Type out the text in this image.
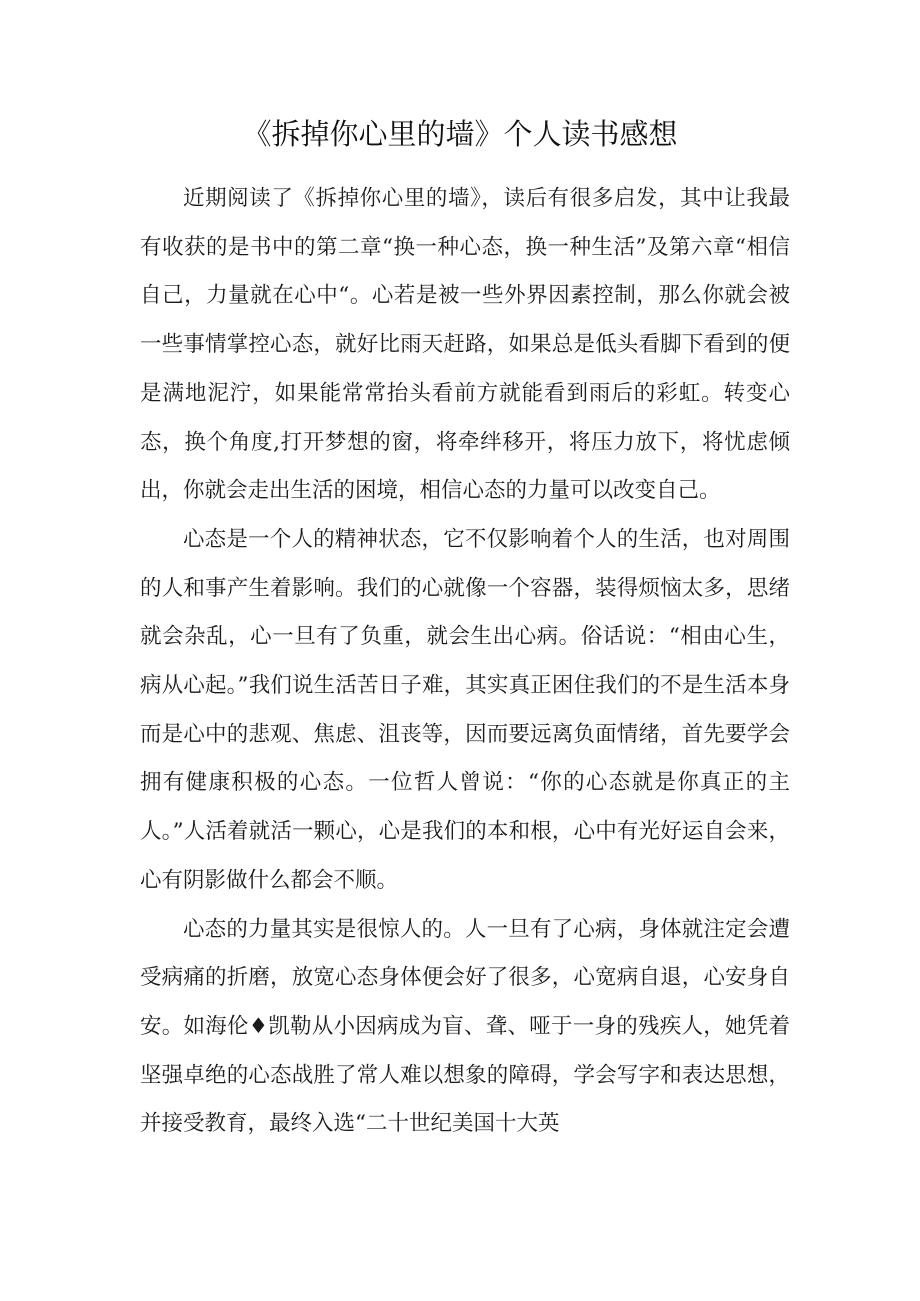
《拆掉你心里的墙》个人读书感想

近期阅读了《拆掉你心里的墙》，读后有很多启发，其中让我最有收获的是书中的第二章“换一种心态，换一种生活”及第六章“相信自己，力量就在心中“。心若是被一些外界因素控制，那么你就会被一些事情掌控心态，就好比雨天赶路，如果总是低头看脚下看到的便是满地泥泞，如果能常常抬头看前方就能看到雨后的彩虹。转变心态，换个角度,打开梦想的窗，将牵绊移开，将压力放下，将忧虑倾出，你就会走出生活的困境，相信心态的力量可以改变自己。

心态是一个人的精神状态，它不仅影响着个人的生活，也对周围的人和事产生着影响。我们的心就像一个容器，装得烦恼太多，思绪就会杂乱，心一旦有了负重，就会生出心病。俗话说：“相由心生，病从心起。”我们说生活苦日子难，其实真正困住我们的不是生活本身而是心中的悲观、焦虑、沮丧等，因而要远离负面情绪，首先要学会拥有健康积极的心态。一位哲人曾说：“你的心态就是你真正的主人。”人活着就活一颗心，心是我们的本和根，心中有光好运自会来，心有阴影做什么都会不顺。

心态的力量其实是很惊人的。人一旦有了心病，身体就注定会遭受病痛的折磨，放宽心态身体便会好了很多，心宽病自退，心安身自安。如海伦♦凯勒从小因病成为盲、聋、哑于一身的残疾人，她凭着坚强卓绝的心态战胜了常人难以想象的障碍，学会写字和表达思想，并接受教育，最终入选“二十世纪美国十大英
